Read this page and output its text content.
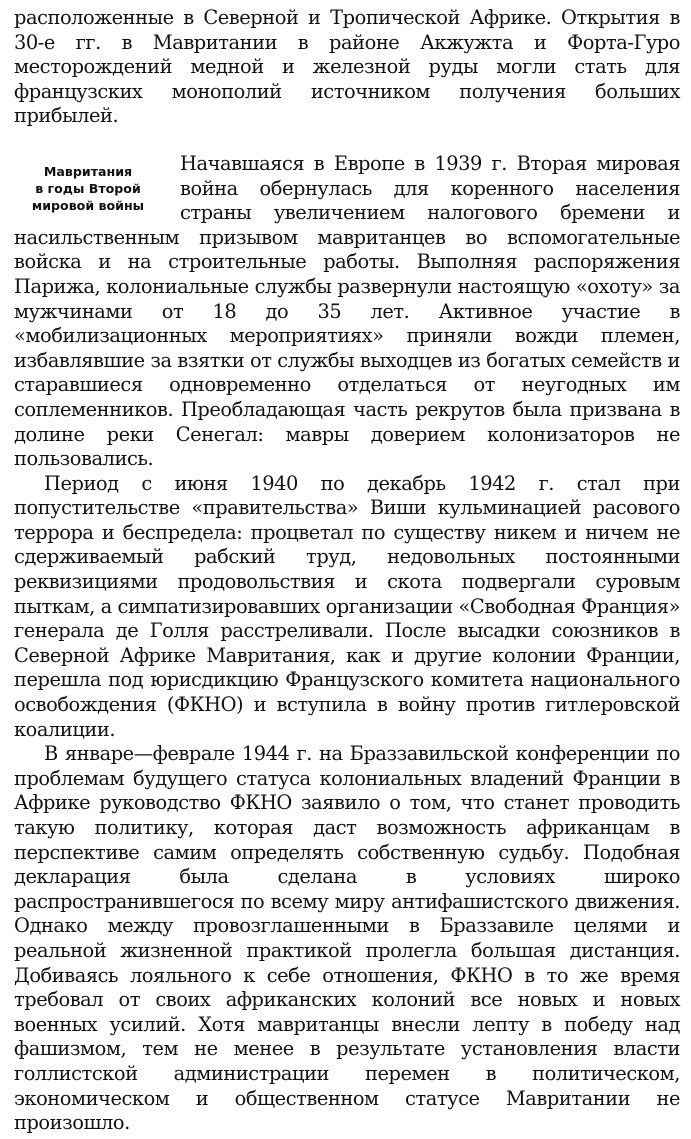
расположенные в Северной и Тропической Африке. Открытия в 30-е гг. в Мавритании в районе Акжужта и Форта-Гуро месторождений медной и железной руды могли стать для французских монополий источником получения больших прибылей.

Мавритания
в годы Второй
мировой войны

Начавшаяся в Европе в 1939 г. Вторая мировая война обернулась для коренного населения страны увеличением налогового бремени и насильственным призывом мавританцев во вспомогательные войска и на строительные работы. Выполняя распоряжения Парижа, колониальные службы развернули настоящую «охоту» за мужчинами от 18 до 35 лет. Активное участие в «мобилизационных мероприятиях» приняли вожди племен, избавлявшие за взятки от службы выходцев из богатых семейств и старавшиеся одновременно отделаться от неугодных им соплеменников. Преобладающая часть рекрутов была призвана в долине реки Сенегал: мавры доверием колонизаторов не пользовались.

Период с июня 1940 по декабрь 1942 г. стал при попустительстве «правительства» Виши кульминацией расового террора и беспредела: процветал по существу никем и ничем не сдерживаемый рабский труд, недовольных постоянными реквизициями продовольствия и скота подвергали суровым пыткам, а симпатизировавших организации «Свободная Франция» генерала де Голля расстреливали. После высадки союзников в Северной Африке Мавритания, как и другие колонии Франции, перешла под юрисдикцию Французского комитета национального освобождения (ФКНО) и вступила в войну против гитлеровской коалиции.

В январе—феврале 1944 г. на Браззавильской конференции по проблемам будущего статуса колониальных владений Франции в Африке руководство ФКНО заявило о том, что станет проводить такую политику, которая даст возможность африканцам в перспективе самим определять собственную судьбу. Подобная декларация была сделана в условиях широко распространившегося по всему миру антифашистского движения. Однако между провозглашенными в Браззавиле целями и реальной жизненной практикой пролегла большая дистанция. Добиваясь лояльного к себе отношения, ФКНО в то же время требовал от своих африканских колоний все новых и новых военных усилий. Хотя мавританцы внесли лепту в победу над фашизмом, тем не менее в результате установления власти голлистской администрации перемен в политическом, экономическом и общественном статусе Мавритании не произошло.
